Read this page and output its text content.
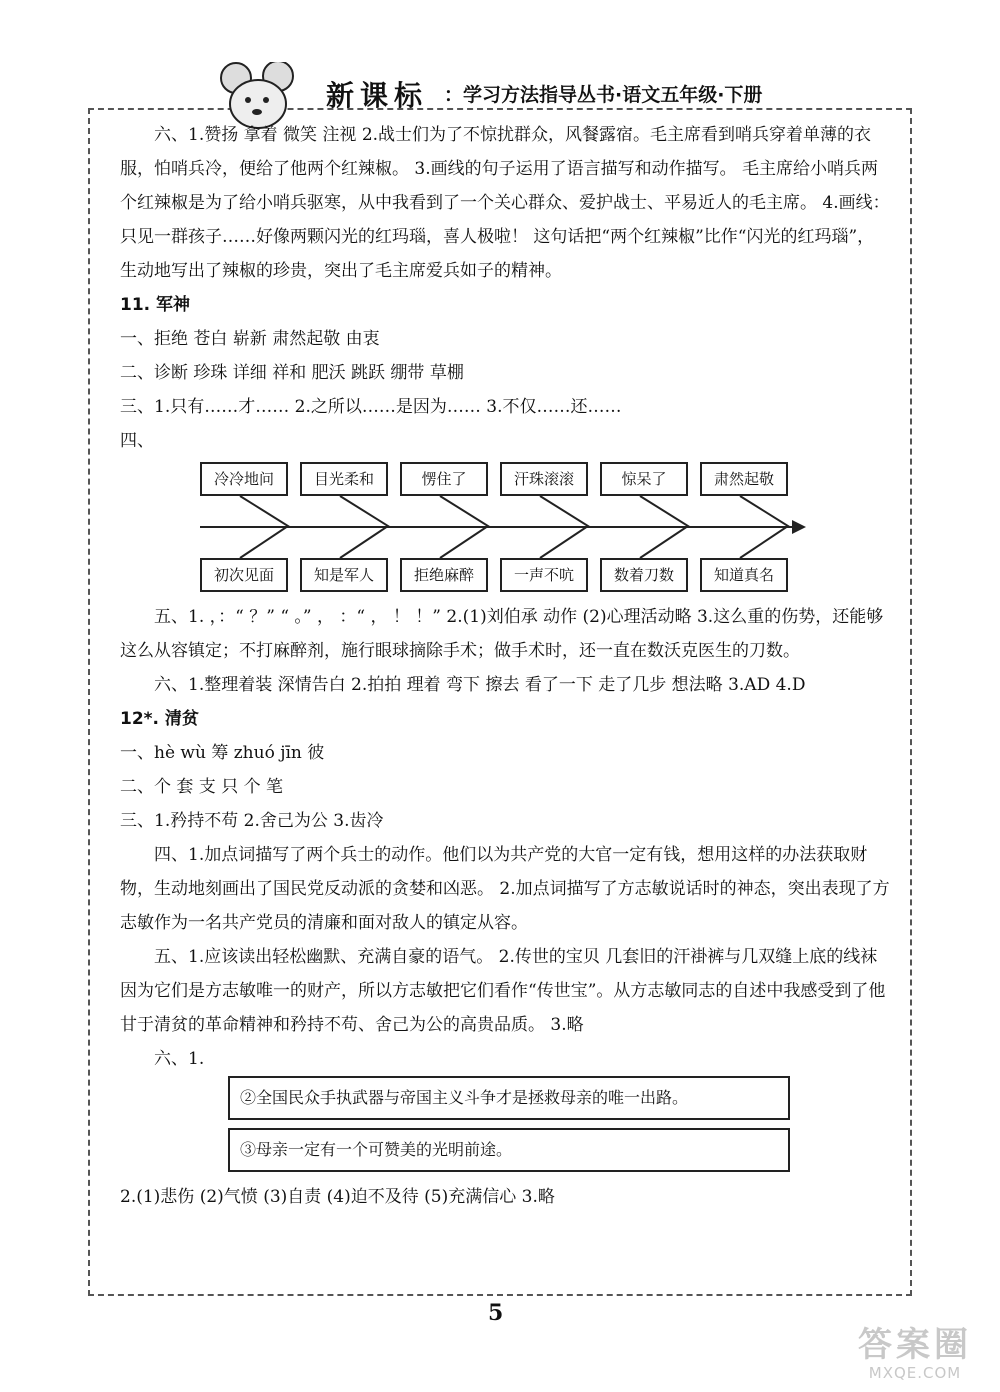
新课标 ：学习方法指导丛书·语文五年级·下册

六、1.赞扬 拿着 微笑 注视 2.战士们为了不惊扰群众，风餐露宿。毛主席看到哨兵穿着单薄的衣服，怕哨兵冷，便给了他两个红辣椒。 3.画线的句子运用了语言描写和动作描写。 毛主席给小哨兵两个红辣椒是为了给小哨兵驱寒，从中我看到了一个关心群众、爱护战士、平易近人的毛主席。 4.画线：只见一群孩子……好像两颗闪光的红玛瑙，喜人极啦！ 这句话把“两个红辣椒”比作“闪光的红玛瑙”，生动地写出了辣椒的珍贵，突出了毛主席爱兵如子的精神。

11. 军神

一、拒绝 苍白 崭新 肃然起敬 由衷

二、诊断 珍珠 详细 祥和 肥沃 跳跃 绷带 草棚

三、1.只有……才…… 2.之所以……是因为…… 3.不仅……还……

四、

冷冷地问	目光柔和	愣住了	汗珠滚滚	惊呆了	肃然起敬
初次见面	知是军人	拒绝麻醉	一声不吭	数着刀数	知道真名

五、1. ，：“ ？” “ 。” ， ：“ ， ！ ！” 2.(1)刘伯承 动作 (2)心理活动略 3.这么重的伤势，还能够这么从容镇定；不打麻醉剂，施行眼球摘除手术；做手术时，还一直在数沃克医生的刀数。

六、1.整理着装 深情告白 2.拍拍 理着 弯下 擦去 看了一下 走了几步 想法略 3.AD 4.D

12*. 清贫

一、hè wù 筹 zhuó jīn 彼

二、个 套 支 只 个 笔

三、1.矜持不苟 2.舍己为公 3.齿冷

四、1.加点词描写了两个兵士的动作。他们以为共产党的大官一定有钱，想用这样的办法获取财物，生动地刻画出了国民党反动派的贪婪和凶恶。 2.加点词描写了方志敏说话时的神态，突出表现了方志敏作为一名共产党员的清廉和面对敌人的镇定从容。

五、1.应该读出轻松幽默、充满自豪的语气。 2.传世的宝贝 几套旧的汗褂裤与几双缝上底的线袜 因为它们是方志敏唯一的财产，所以方志敏把它们看作“传世宝”。从方志敏同志的自述中我感受到了他甘于清贫的革命精神和矜持不苟、舍己为公的高贵品质。 3.略

六、1.

②全国民众手执武器与帝国主义斗争才是拯救母亲的唯一出路。
③母亲一定有一个可赞美的光明前途。

2.(1)悲伤 (2)气愤 (3)自责 (4)迫不及待 (5)充满信心 3.略

5
答案圈
MXQE.COM
